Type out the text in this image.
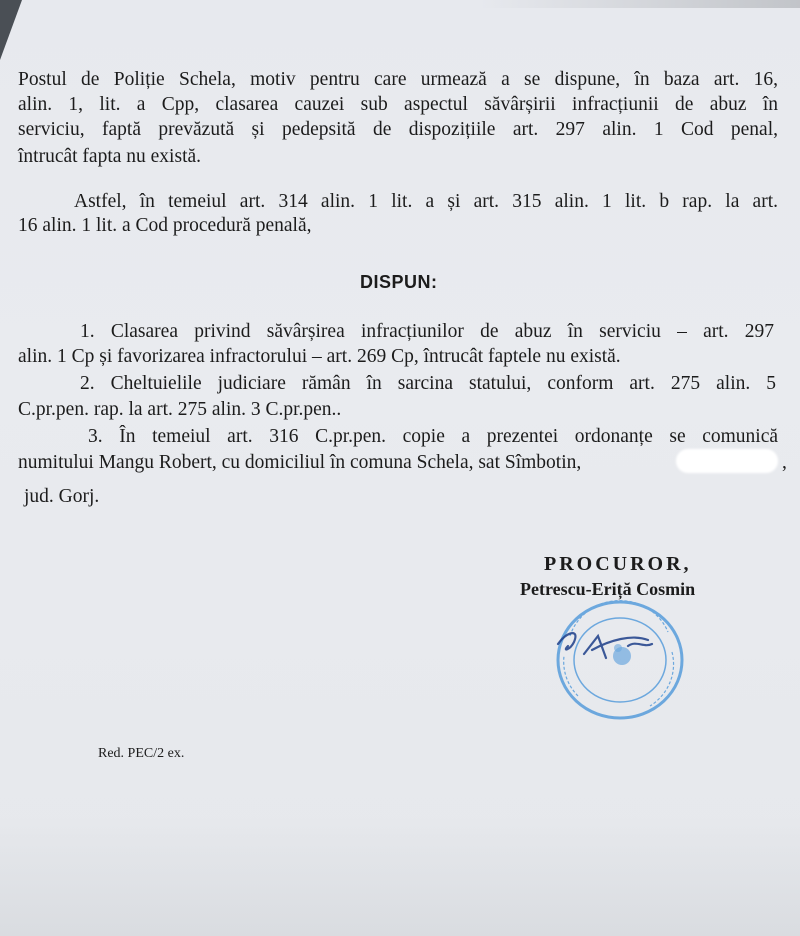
Postul de Poliție Schela, motiv pentru care urmează a se dispune, în baza art. 16,
alin. 1, lit. a Cpp, clasarea cauzei sub aspectul săvârșirii infracțiunii de abuz în
serviciu, faptă prevăzută și pedepsită de dispozițiile art. 297 alin. 1 Cod penal,
întrucât fapta nu există.
Astfel, în temeiul art. 314 alin. 1 lit. a și art. 315 alin. 1 lit. b rap. la art.
16 alin. 1 lit. a Cod procedură penală,
DISPUN:
1. Clasarea privind săvârșirea infracțiunilor de abuz în serviciu – art. 297
alin. 1 Cp și favorizarea infractorului – art. 269 Cp, întrucât faptele nu există.
2. Cheltuielile judiciare rămân în sarcina statului, conform art. 275 alin. 5
C.pr.pen. rap. la art. 275 alin. 3 C.pr.pen..
3. În temeiul art. 316 C.pr.pen. copie a prezentei ordonanțe se comunică
numitului Mangu Robert, cu domiciliul în comuna Schela, sat Sîmbotin,	,
jud. Gorj.
PROCUROR,
Petrescu-Eriță Cosmin
Red. PEC/2 ex.
